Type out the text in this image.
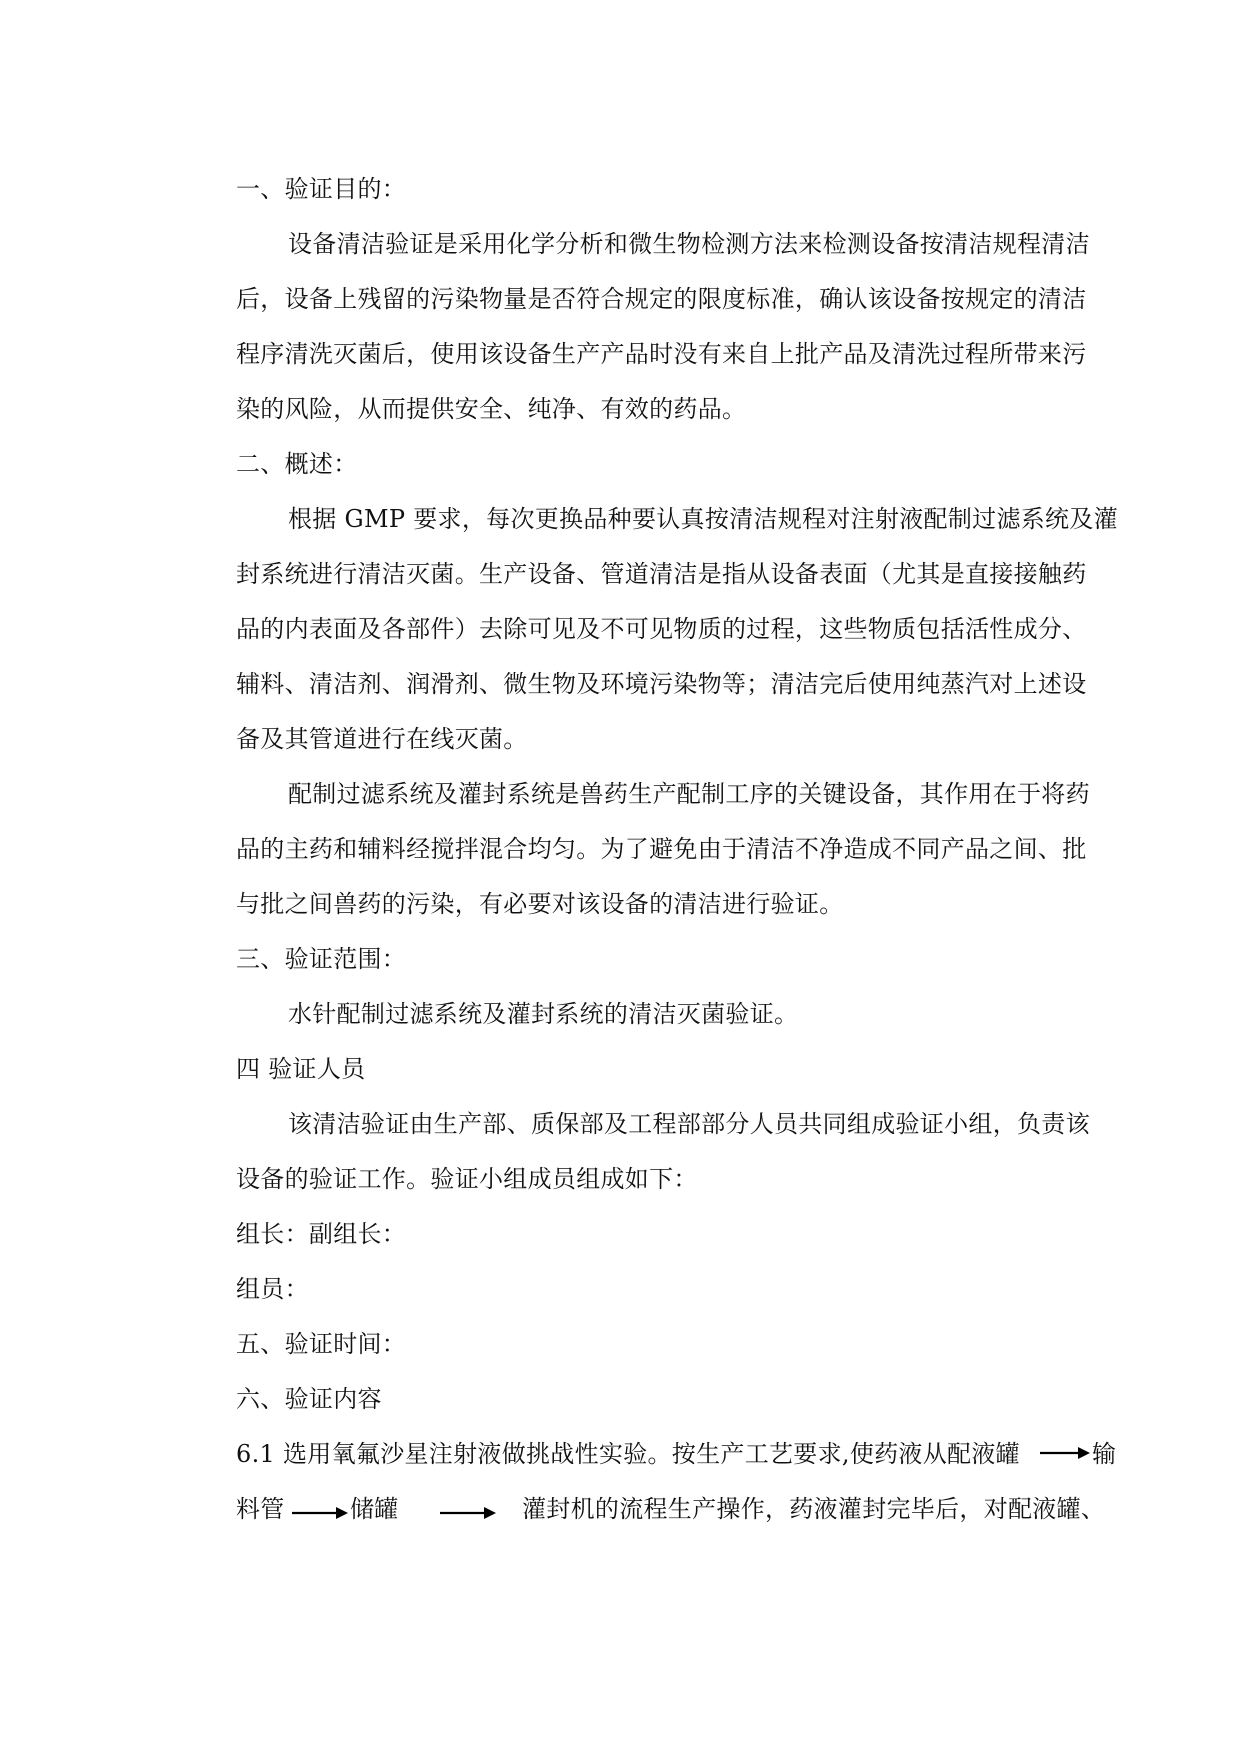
一、验证目的：
设备清洁验证是采用化学分析和微生物检测方法来检测设备按清洁规程清洁
后，设备上残留的污染物量是否符合规定的限度标准，确认该设备按规定的清洁
程序清洗灭菌后，使用该设备生产产品时没有来自上批产品及清洗过程所带来污
染的风险，从而提供安全、纯净、有效的药品。
二、概述：
根据 GMP 要求，每次更换品种要认真按清洁规程对注射液配制过滤系统及灌
封系统进行清洁灭菌。生产设备、管道清洁是指从设备表面（尤其是直接接触药
品的内表面及各部件）去除可见及不可见物质的过程，这些物质包括活性成分、
辅料、清洁剂、润滑剂、微生物及环境污染物等；清洁完后使用纯蒸汽对上述设
备及其管道进行在线灭菌。
配制过滤系统及灌封系统是兽药生产配制工序的关键设备，其作用在于将药
品的主药和辅料经搅拌混合均匀。为了避免由于清洁不净造成不同产品之间、批
与批之间兽药的污染，有必要对该设备的清洁进行验证。
三、验证范围：
水针配制过滤系统及灌封系统的清洁灭菌验证。
四 验证人员
该清洁验证由生产部、质保部及工程部部分人员共同组成验证小组，负责该
设备的验证工作。验证小组成员组成如下：
组长：副组长：
组员：
五、验证时间：
六、验证内容
6.1 选用氧氟沙星注射液做挑战性实验。按生产工艺要求,使药液从配液罐	输
料管	储罐	灌封机的流程生产操作，药液灌封完毕后，对配液罐、
